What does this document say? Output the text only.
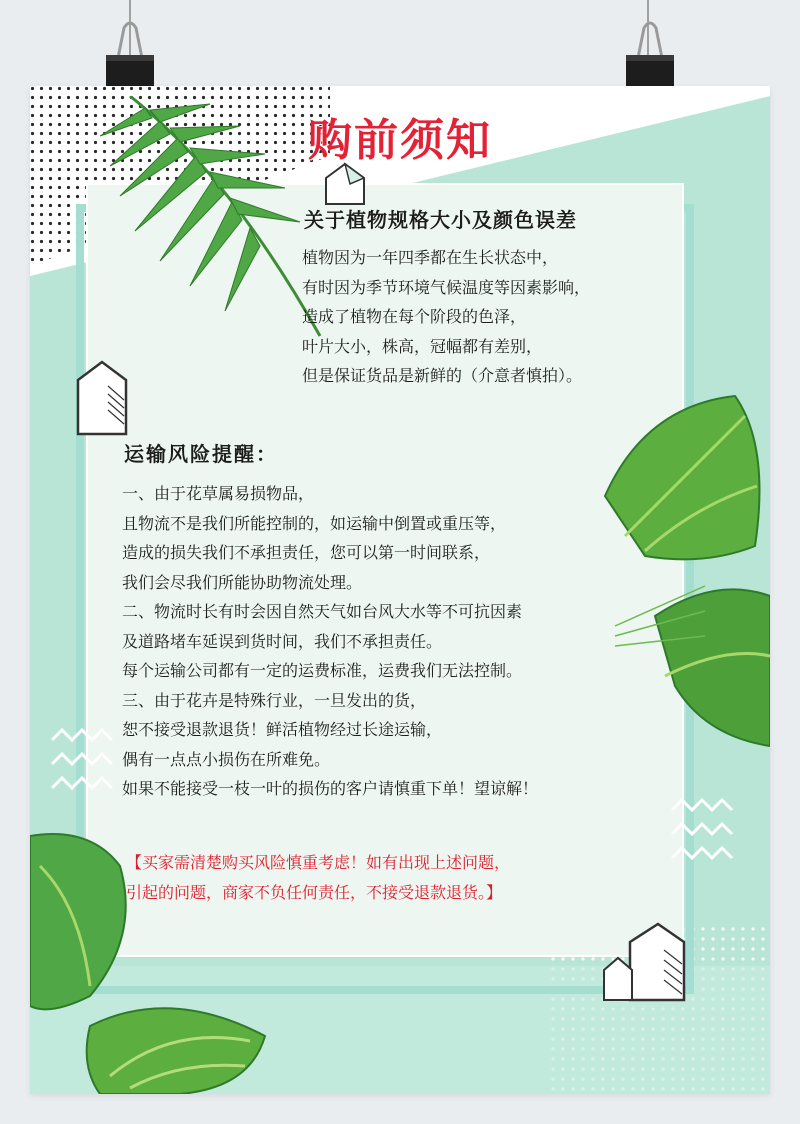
购前须知
关于植物规格大小及颜色误差
植物因为一年四季都在生长状态中，
有时因为季节环境气候温度等因素影响，
造成了植物在每个阶段的色泽，
叶片大小，株高，冠幅都有差别，
但是保证货品是新鲜的（介意者慎拍）。
运输风险提醒：
一、由于花草属易损物品，
且物流不是我们所能控制的，如运输中倒置或重压等，
造成的损失我们不承担责任，您可以第一时间联系，
我们会尽我们所能协助物流处理。
二、物流时长有时会因自然天气如台风大水等不可抗因素
及道路堵车延误到货时间，我们不承担责任。
每个运输公司都有一定的运费标准，运费我们无法控制。
三、由于花卉是特殊行业，一旦发出的货，
恕不接受退款退货！鲜活植物经过长途运输，
偶有一点点小损伤在所难免。
如果不能接受一枝一叶的损伤的客户请慎重下单！望谅解！
【买家需清楚购买风险慎重考虑！如有出现上述问题，
引起的问题，商家不负任何责任，不接受退款退货。】
